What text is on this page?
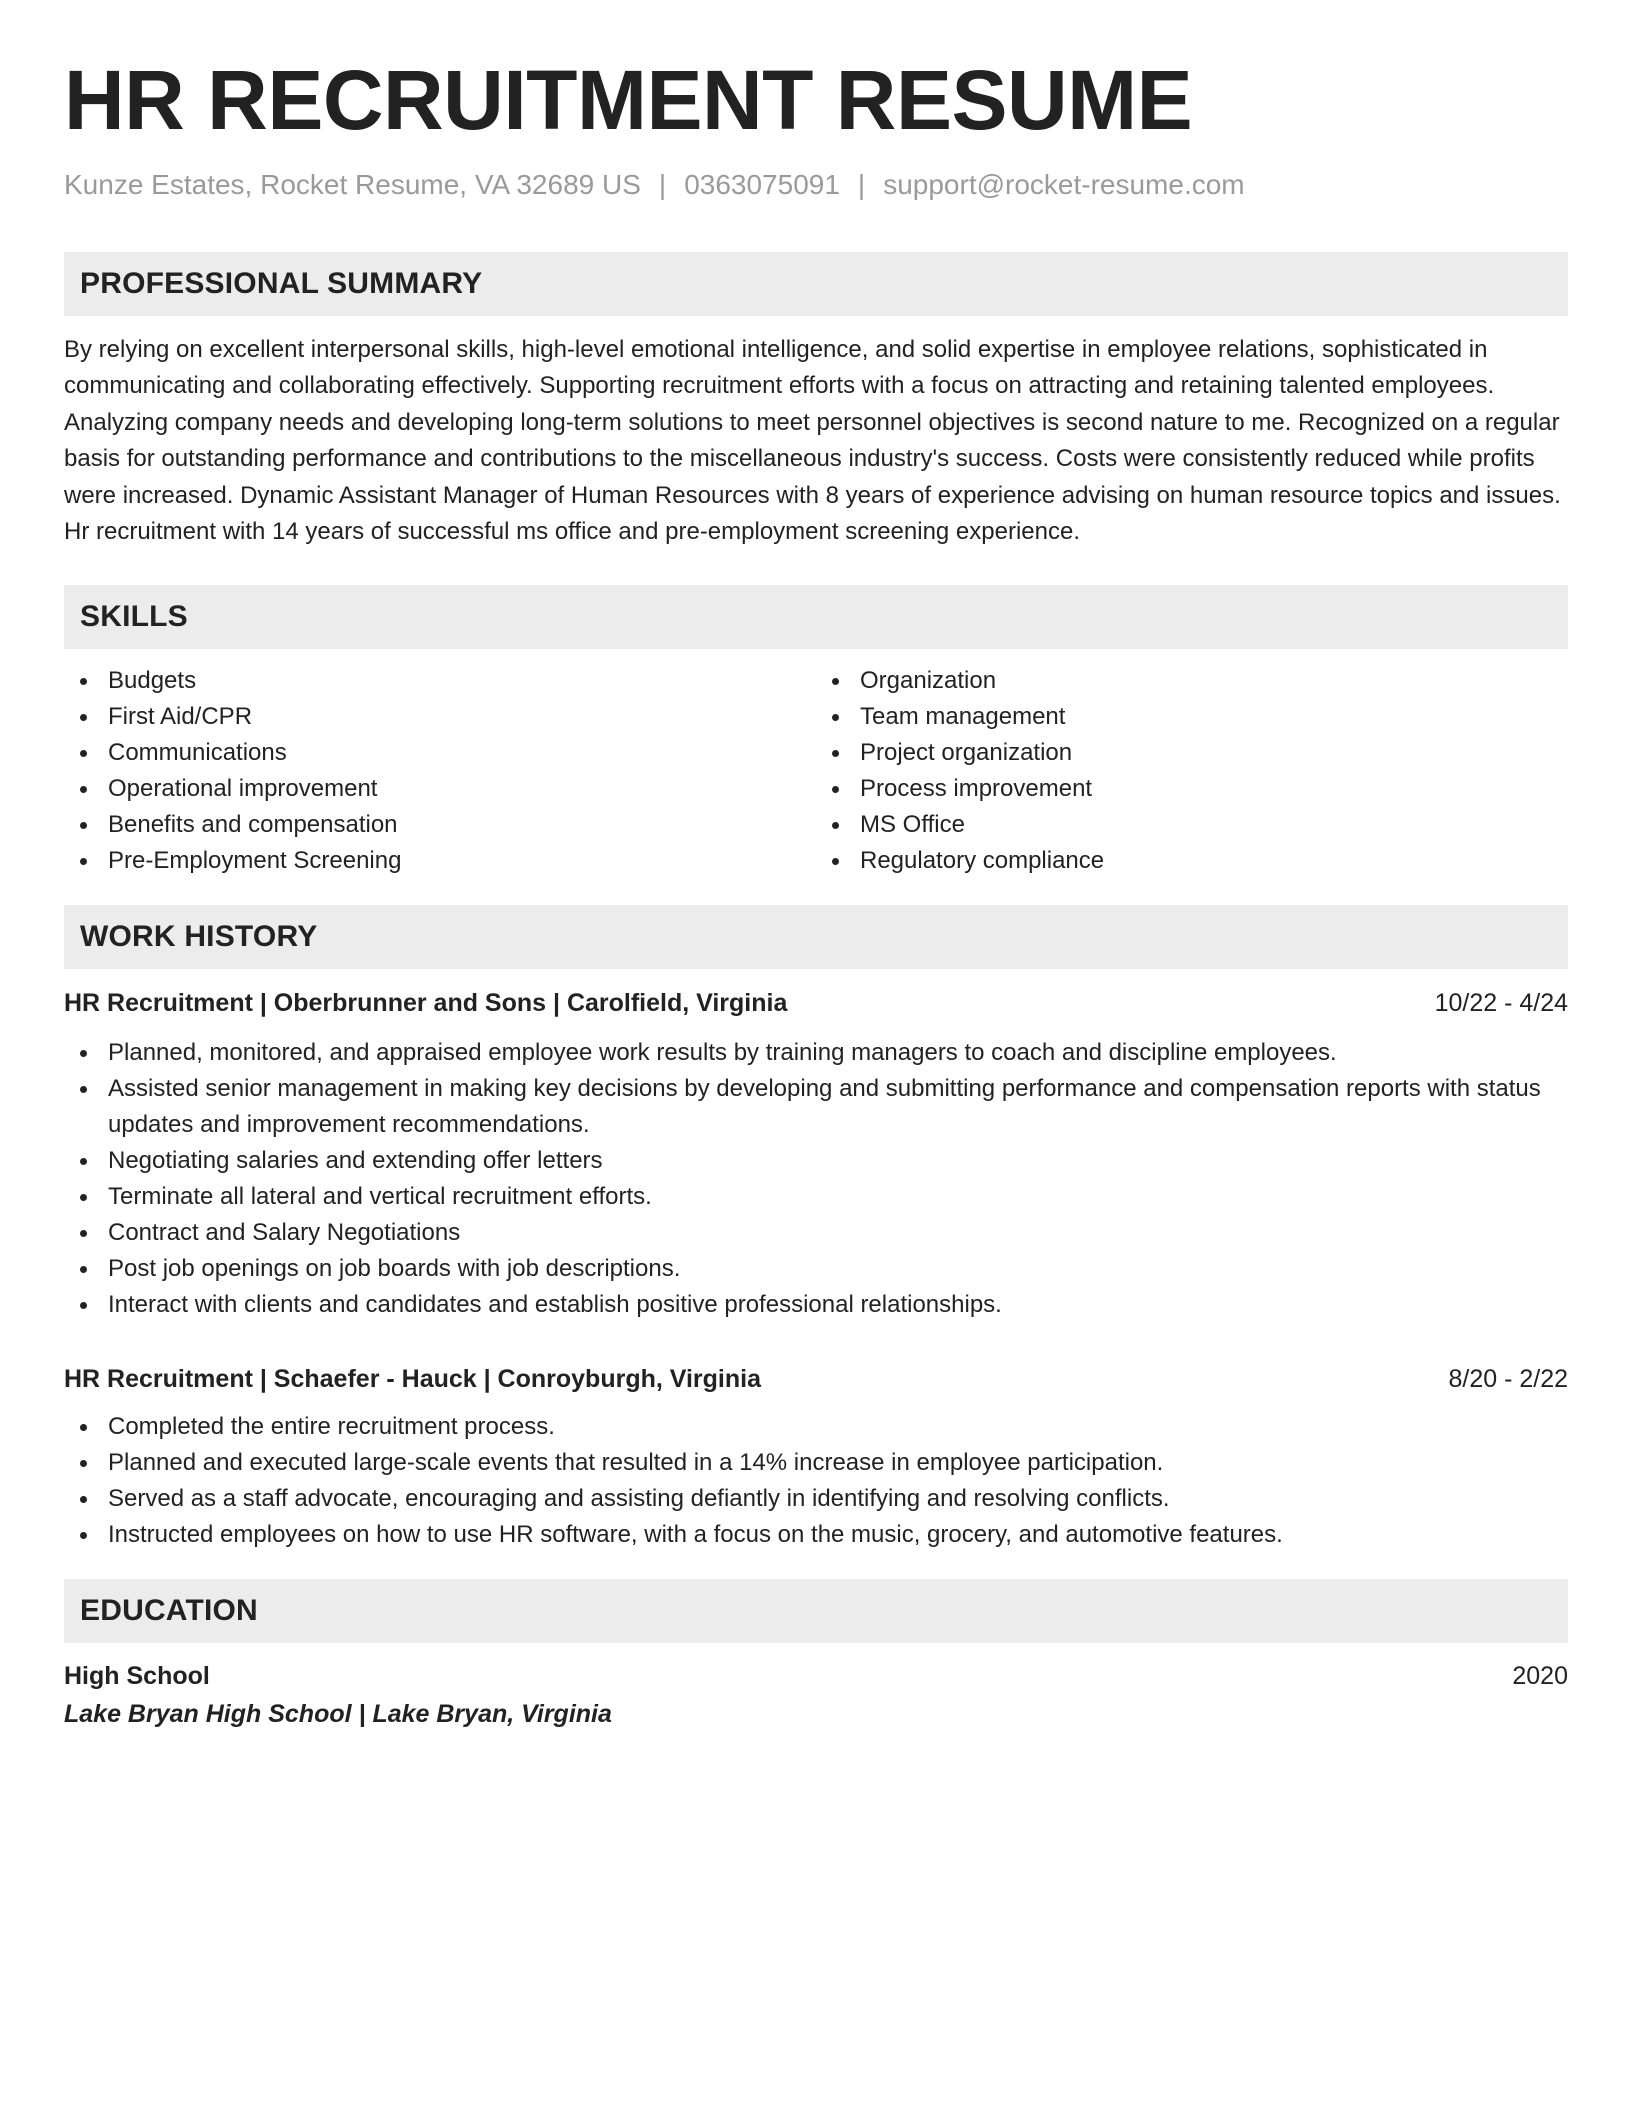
HR RECRUITMENT RESUME
Kunze Estates, Rocket Resume, VA 32689 US | 0363075091 | support@rocket-resume.com
PROFESSIONAL SUMMARY
By relying on excellent interpersonal skills, high-level emotional intelligence, and solid expertise in employee relations, sophisticated in communicating and collaborating effectively. Supporting recruitment efforts with a focus on attracting and retaining talented employees. Analyzing company needs and developing long-term solutions to meet personnel objectives is second nature to me. Recognized on a regular basis for outstanding performance and contributions to the miscellaneous industry's success. Costs were consistently reduced while profits were increased. Dynamic Assistant Manager of Human Resources with 8 years of experience advising on human resource topics and issues. Hr recruitment with 14 years of successful ms office and pre-employment screening experience.
SKILLS
Budgets
First Aid/CPR
Communications
Operational improvement
Benefits and compensation
Pre-Employment Screening
Organization
Team management
Project organization
Process improvement
MS Office
Regulatory compliance
WORK HISTORY
HR Recruitment | Oberbrunner and Sons | Carolfield, Virginia	10/22 - 4/24
Planned, monitored, and appraised employee work results by training managers to coach and discipline employees.
Assisted senior management in making key decisions by developing and submitting performance and compensation reports with status updates and improvement recommendations.
Negotiating salaries and extending offer letters
Terminate all lateral and vertical recruitment efforts.
Contract and Salary Negotiations
Post job openings on job boards with job descriptions.
Interact with clients and candidates and establish positive professional relationships.
HR Recruitment | Schaefer - Hauck | Conroyburgh, Virginia	8/20 - 2/22
Completed the entire recruitment process.
Planned and executed large-scale events that resulted in a 14% increase in employee participation.
Served as a staff advocate, encouraging and assisting defiantly in identifying and resolving conflicts.
Instructed employees on how to use HR software, with a focus on the music, grocery, and automotive features.
EDUCATION
High School	2020
Lake Bryan High School | Lake Bryan, Virginia
